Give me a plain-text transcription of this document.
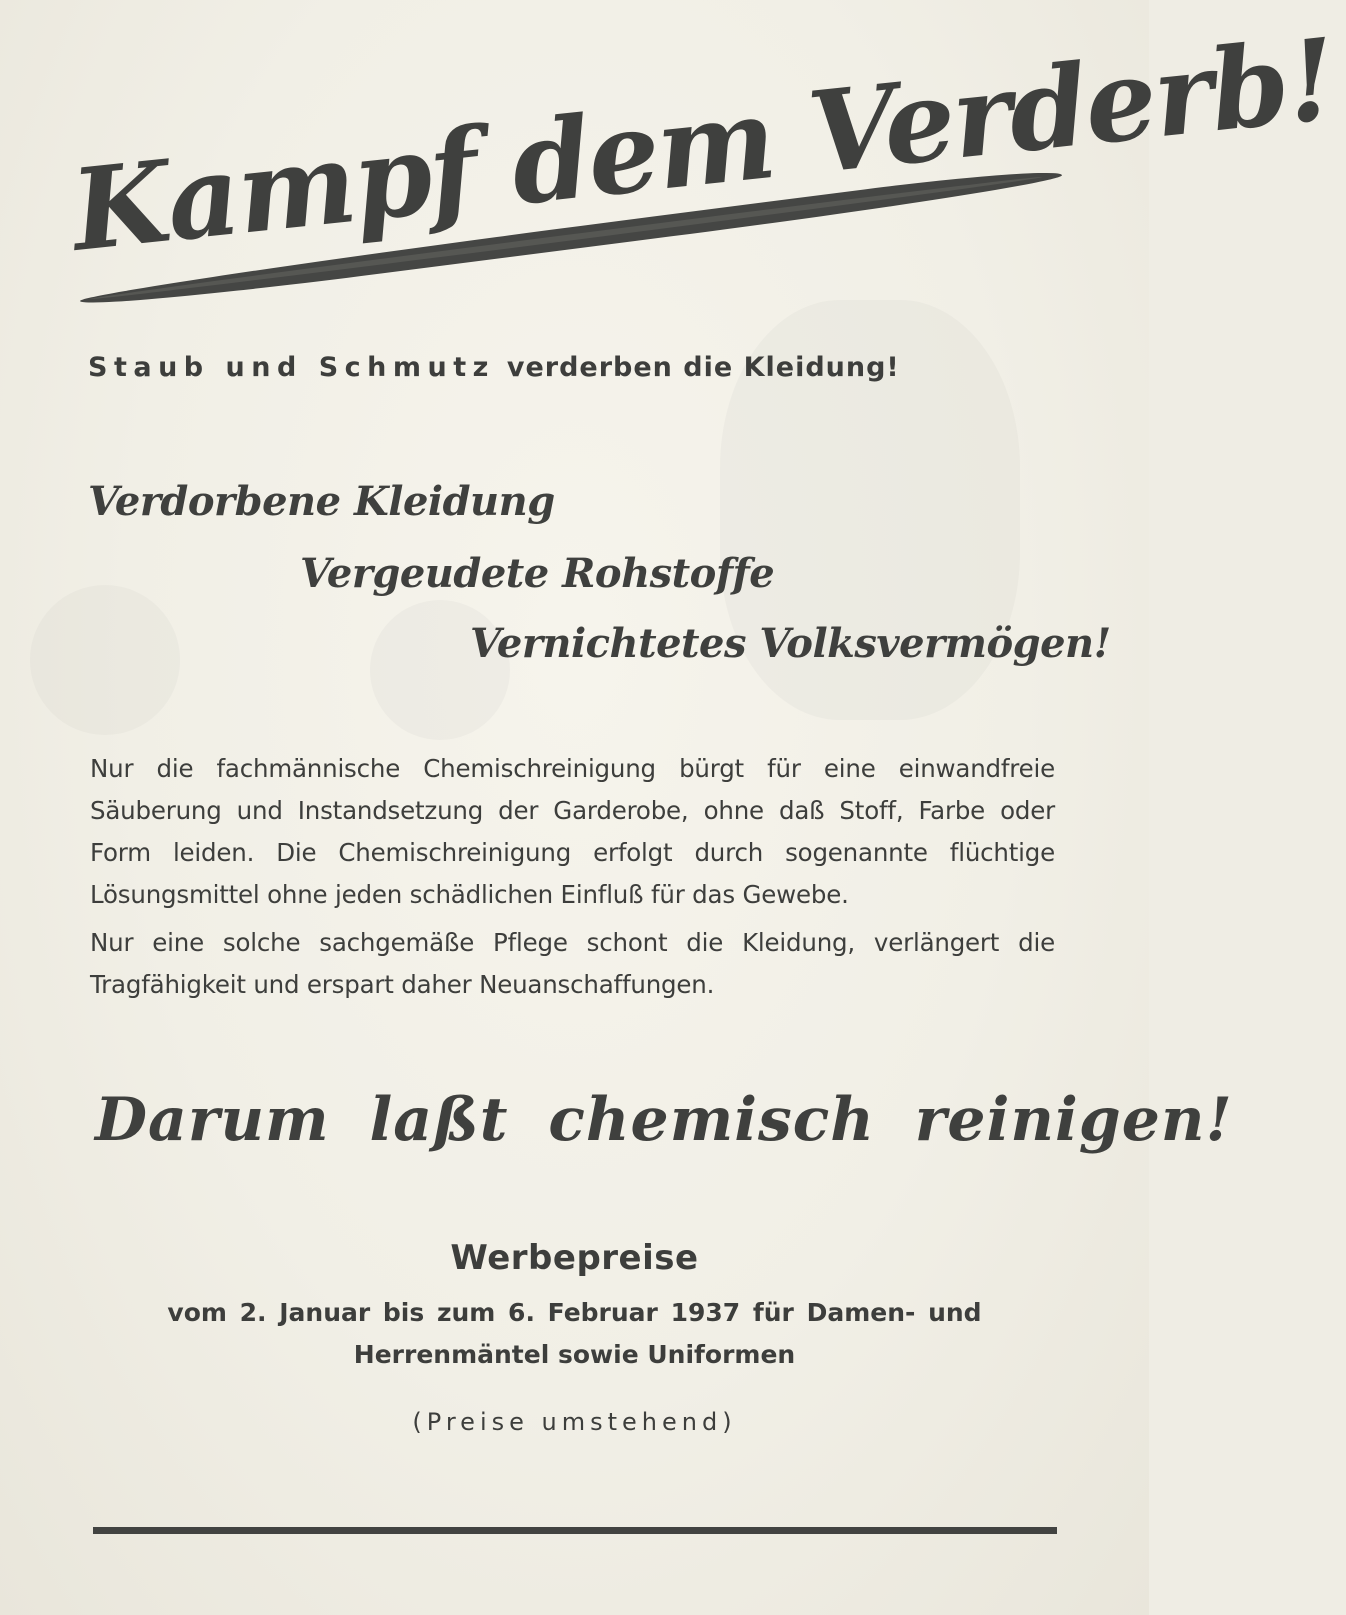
Kampf dem Verderb!
Staub und Schmutz verderben die Kleidung!
Verdorbene Kleidung
Vergeudete Rohstoffe
Vernichtetes Volksvermögen!
Nur die fachmännische Chemischreinigung bürgt für eine einwandfreie Säuberung und Instandsetzung der Garderobe, ohne daß Stoff, Farbe oder Form leiden. Die Chemischreinigung erfolgt durch sogenannte flüchtige Lösungsmittel ohne jeden schädlichen Einfluß für das Gewebe.
Nur eine solche sachgemäße Pflege schont die Kleidung, verlängert die Tragfähigkeit und erspart daher Neuanschaffungen.
Darum laßt chemisch reinigen!
Werbepreise
vom 2. Januar bis zum 6. Februar 1937 für Damen- und
Herrenmäntel sowie Uniformen
(Preise umstehend)
